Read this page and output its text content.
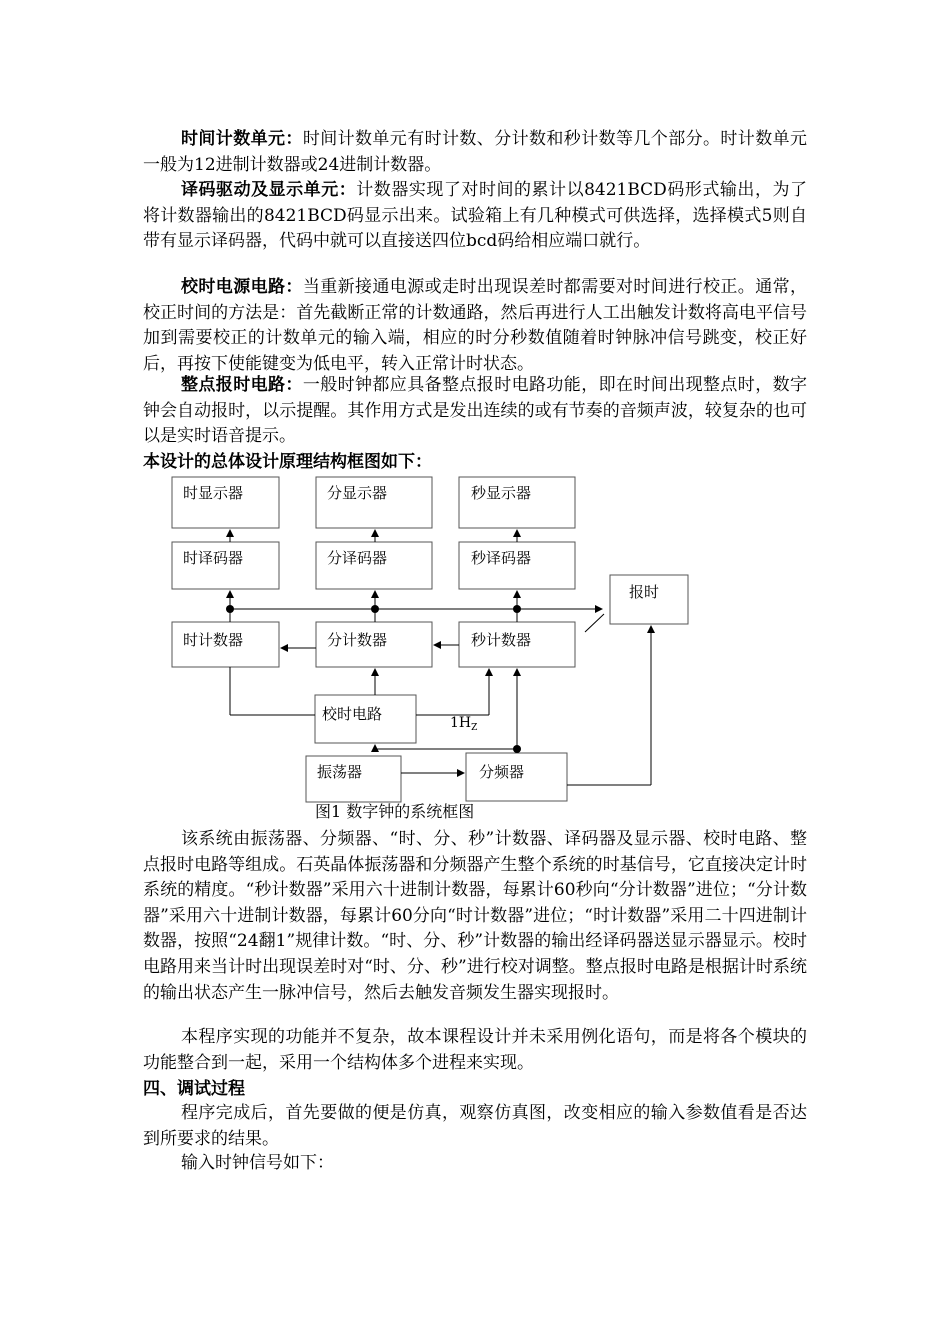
时间计数单元：时间计数单元有时计数、分计数和秒计数等几个部分。时计数单元一般为12进制计数器或24进制计数器。

译码驱动及显示单元：计数器实现了对时间的累计以8421BCD码形式输出，为了将计数器输出的8421BCD码显示出来。试验箱上有几种模式可供选择，选择模式5则自带有显示译码器，代码中就可以直接送四位bcd码给相应端口就行。

校时电源电路：当重新接通电源或走时出现误差时都需要对时间进行校正。通常，校正时间的方法是：首先截断正常的计数通路，然后再进行人工出触发计数将高电平信号加到需要校正的计数单元的输入端，相应的时分秒数值随着时钟脉冲信号跳变，校正好后，再按下使能键变为低电平，转入正常计时状态。

整点报时电路：一般时钟都应具备整点报时电路功能，即在时间出现整点时，数字钟会自动报时，以示提醒。其作用方式是发出连续的或有节奏的音频声波，较复杂的也可以是实时语音提示。

本设计的总体设计原理结构框图如下：

时显示器	分显示器	秒显示器
时译码器	分译码器	秒译码器
报时
时计数器	分计数器	秒计数器
校时电路	$1H_Z$
振荡器	分频器
图1 数字钟的系统框图

该系统由振荡器、分频器、“时、分、秒”计数器、译码器及显示器、校时电路、整点报时电路等组成。石英晶体振荡器和分频器产生整个系统的时基信号，它直接决定计时系统的精度。“秒计数器”采用六十进制计数器，每累计60秒向“分计数器”进位；“分计数器”采用六十进制计数器，每累计60分向“时计数器”进位；“时计数器”采用二十四进制计数器，按照“24翻1”规律计数。“时、分、秒”计数器的输出经译码器送显示器显示。校时电路用来当计时出现误差时对“时、分、秒”进行校对调整。整点报时电路是根据计时系统的输出状态产生一脉冲信号，然后去触发音频发生器实现报时。

本程序实现的功能并不复杂，故本课程设计并未采用例化语句，而是将各个模块的功能整合到一起，采用一个结构体多个进程来实现。

四、调试过程

程序完成后，首先要做的便是仿真，观察仿真图，改变相应的输入参数值看是否达到所要求的结果。

输入时钟信号如下：
